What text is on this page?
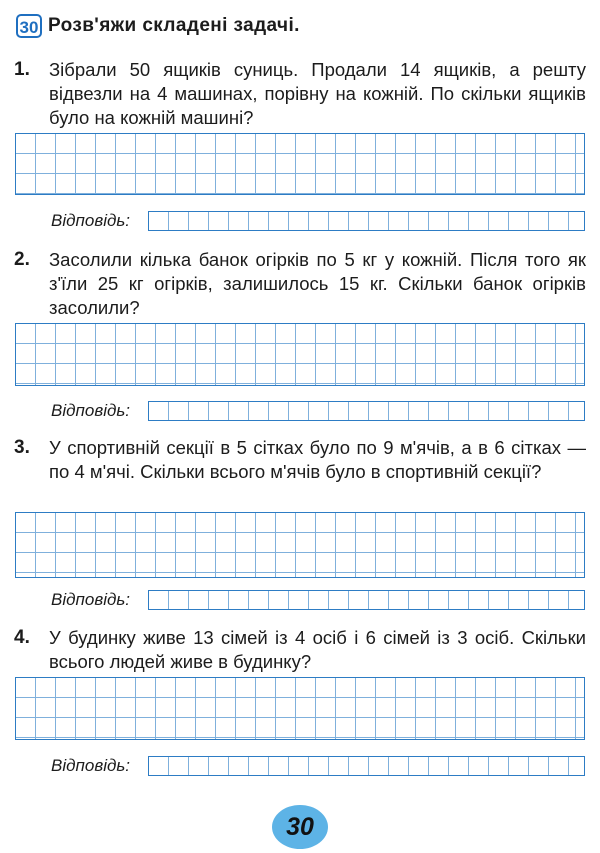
30 Розв'яжи складені задачі.
1. Зібрали 50 ящиків суниць. Продали 14 ящиків, а решту відвезли на 4 машинах, порівну на кожній. По скільки ящиків було на кожній машині?
Відповідь:
2. Засолили кілька банок огірків по 5 кг у кожній. Після того як з'їли 25 кг огірків, залишилось 15 кг. Скільки банок огірків засолили?
Відповідь:
3. У спортивній секції в 5 сітках було по 9 м'ячів, а в 6 сітках — по 4 м'ячі. Скільки всього м'ячів було в спортивній секції?
Відповідь:
4. У будинку живе 13 сімей із 4 осіб і 6 сімей із 3 осіб. Скільки всього людей живе в будинку?
Відповідь:
30
